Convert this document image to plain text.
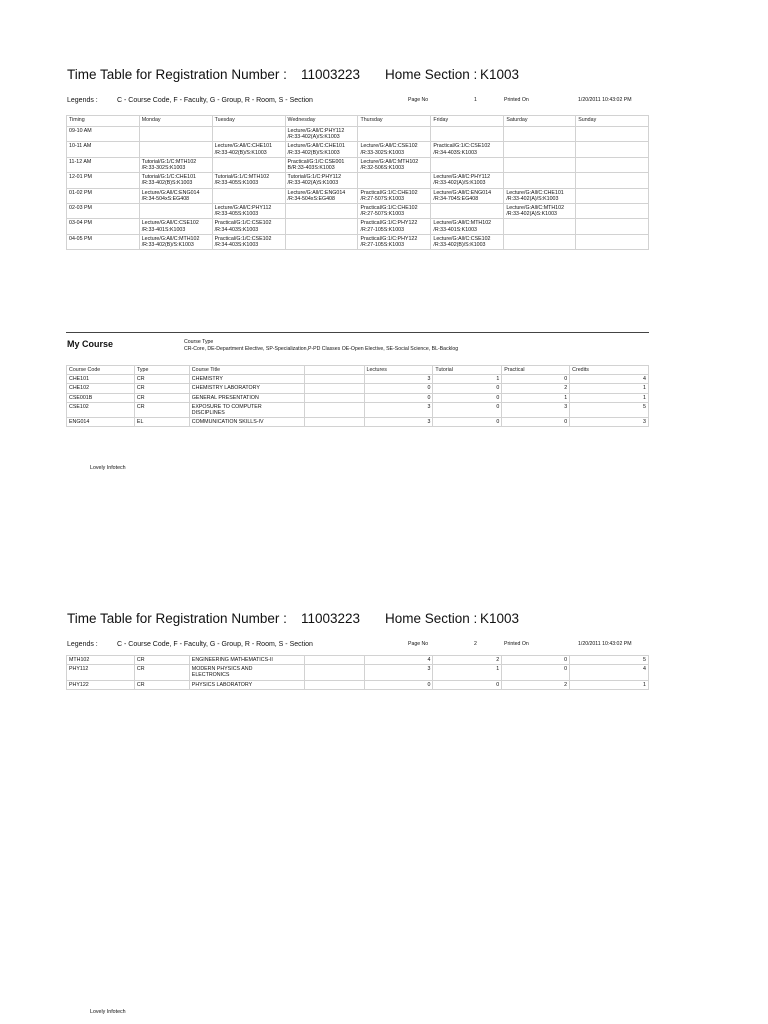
Time Table for Registration Number : 11003223 Home Section : K1003
Legends :	C - Course Code, F - Faculty, G - Group, R - Room, S - Section	Page No	1	Printed On	1/20/2011 10:43:02 PM
Timing	Monday	Tuesday	Wednesday	Thursday	Friday	Saturday	Sunday
09-10 AM			Lecture/G:All/C:PHY112
/R:33-402(A)/S:K1003				
10-11 AM		Lecture/G:All/C:CHE101
/R:33-402(B)/S:K1003	Lecture/G:All/C:CHE101
/R:33-402(B)/S:K1003	Lecture/G:All/C:CSE102
/R:33-302S:K1003	Practical/G:1/C:CSE102
/R:34-403S:K1003		
11-12 AM	Tutorial/G:1/C:MTH102
/R:33-302S:K1003		Practical/G:1/C:CSE001
B/R:33-403S:K1003	Lecture/G:All/C:MTH102
/R:32-506S:K1003			
12-01 PM	Tutorial/G:1/C:CHE101
/R:33-402(B)S:K1003	Tutorial/G:1/C:MTH102
/R:33-405S:K1003	Tutorial/G:1/C:PHY112
/R:33-402(A)S:K1003		Lecture/G:All/C:PHY112
/R:33-402(A)/S:K1003		
01-02 PM	Lecture/G:All/C:ENG014
/R:34-504xS:EG408		Lecture/G:All/C:ENG014
/R:34-504xS:EG408	Practical/G:1/C:CHE102
/R:27-507S:K1003	Lecture/G:All/C:ENG014
/R:34-704S:EG408	Lecture/G:All/C:CHE101
/R:33-402(A)/S:K1003	
02-03 PM		Lecture/G:All/C:PHY112
/R:33-405S:K1003		Practical/G:1/C:CHE102
/R:27-507S:K1003		Lecture/G:All/C:MTH102
/R:33-402(A)S:K1003	
03-04 PM	Lecture/G:All/C:CSE102
/R:33-401S:K1003	Practical/G:1/C:CSE102
/R:34-403S:K1003		Practical/G:1/C:PHY122
/R:27-105S:K1003	Lecture/G:All/C:MTH102
/R:33-401S:K1003		
04-05 PM	Lecture/G:All/C:MTH102
/R:33-402(B)/S:K1003	Practical/G:1/C:CSE102
/R:34-403S:K1003		Practical/G:1/C:PHY122
/R:27-105S:K1003	Lecture/G:All/C:CSE102
/R:33-402(B)/S:K1003		
My Course	Course Type
CR-Core, DE-Department Elective, SP-Specialization,P-PD Classes OE-Open Elective, SE-Social Science, BL-Backlog
Course Code	Type	Course Title		Lectures	Tutorial	Practical	Credits
CHE101	CR	CHEMISTRY		3	1	0	4
CHE102	CR	CHEMISTRY LABORATORY		0	0	2	1
CSE001B	CR	GENERAL PRESENTATION		0	0	1	1
CSE102	CR	EXPOSURE TO COMPUTER
DISCIPLINES		3	0	3	5
ENG014	EL	COMMUNICATION SKILLS-IV		3	0	0	3
Lovely Infotech
Time Table for Registration Number : 11003223 Home Section : K1003
Legends :	C - Course Code, F - Faculty, G - Group, R - Room, S - Section	Page No	2	Printed On	1/20/2011 10:43:02 PM
MTH102	CR	ENGINEERING MATHEMATICS-II		4	2	0	5
PHY112	CR	MODERN PHYSICS AND
ELECTRONICS		3	1	0	4
PHY122	CR	PHYSICS LABORATORY		0	0	2	1
Lovely Infotech
